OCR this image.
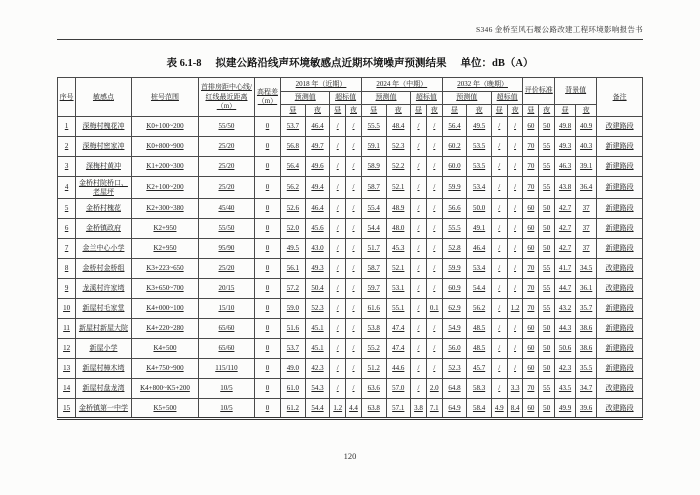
S346 金桥至风石堰公路改建工程环境影响报告书
表 6.1-8 拟建公路沿线声环境敏感点近期环境噪声预测结果 单位：dB（A）
序号	敏感点	桩号范围	首排房距中心线/红线最近距离（m）	高程差（m）	2018 年（近期）				2024 年（中期）				2032 年（晚期）				评价标准		背景值		备注
					预测值		超标值		预测值		超标值		预测值		超标值						
					昼	夜	昼	夜	昼	夜	昼	夜	昼	夜	昼	夜	昼	夜	昼	夜	
1	深梅村槐花冲	K0+100~200	55/50	0	53.7	46.4	/	/	55.5	48.4	/	/	56.4	49.5	/	/	60	50	49.8	40.9	改建路段
2	深梅村密家冲	K0+800~900	25/20	0	56.8	49.7	/	/	59.1	52.3	/	/	60.2	53.5	/	/	70	55	49.3	40.3	新建路段
3	深梅村黄冲	K1+200~300	25/20	0	56.4	49.6	/	/	58.9	52.2	/	/	60.0	53.5	/	/	70	55	46.3	39.1	新建路段
4	金桥村院桥口、老屋坪	K2+100~200	25/20	0	56.2	49.4	/	/	58.7	52.1	/	/	59.9	53.4	/	/	70	55	43.8	36.4	新建路段
5	金桥村槐花	K2+300~380	45/40	0	52.6	46.4	/	/	55.4	48.9	/	/	56.6	50.0	/	/	60	50	42.7	37	新建路段
6	金桥镇政府	K2+950	55/50	0	52.0	45.6	/	/	54.4	48.0	/	/	55.5	49.1	/	/	60	50	42.7	37	新建路段
7	金兰中心小学	K2+950	95/90	0	49.5	43.0	/	/	51.7	45.3	/	/	52.8	46.4	/	/	60	50	42.7	37	新建路段
8	金桥村金桥组	K3+223~650	25/20	0	56.1	49.3	/	/	58.7	52.1	/	/	59.9	53.4	/	/	70	55	41.7	34.5	改建路段
9	龙溪村许家塆	K3+650~700	20/15	0	57.2	50.4	/	/	59.7	53.1	/	/	60.9	54.4	/	/	70	55	44.7	36.1	改建路段
10	新屋村毛家堂	K4+000~100	15/10	0	59.0	52.3	/	/	61.6	55.1	/	0.1	62.9	56.2	/	1.2	70	55	43.2	35.7	新建路段
11	新屋村新屋大院	K4+220~280	65/60	0	51.6	45.1	/	/	53.8	47.4	/	/	54.9	48.5	/	/	60	50	44.3	38.6	新建路段
12	新屋小学	K4+500	65/60	0	53.7	45.1	/	/	55.2	47.4	/	/	56.0	48.5	/	/	60	50	50.6	38.6	新建路段
13	新屋村樟木塆	K4+750~900	115/110	0	49.0	42.3	/	/	51.2	44.6	/	/	52.3	45.7	/	/	60	50	42.3	35.5	新建路段
14	新屋村盘龙湾	K4+800~K5+200	10/5	0	61.0	54.3	/	/	63.6	57.0	/	2.0	64.8	58.3	/	3.3	70	55	43.5	34.7	改建路段
15	金桥镇第一中学	K5+500	10/5	0	61.2	54.4	1.2	4.4	63.8	57.1	3.8	7.1	64.9	58.4	4.9	8.4	60	50	49.9	39.6	改建路段
120
